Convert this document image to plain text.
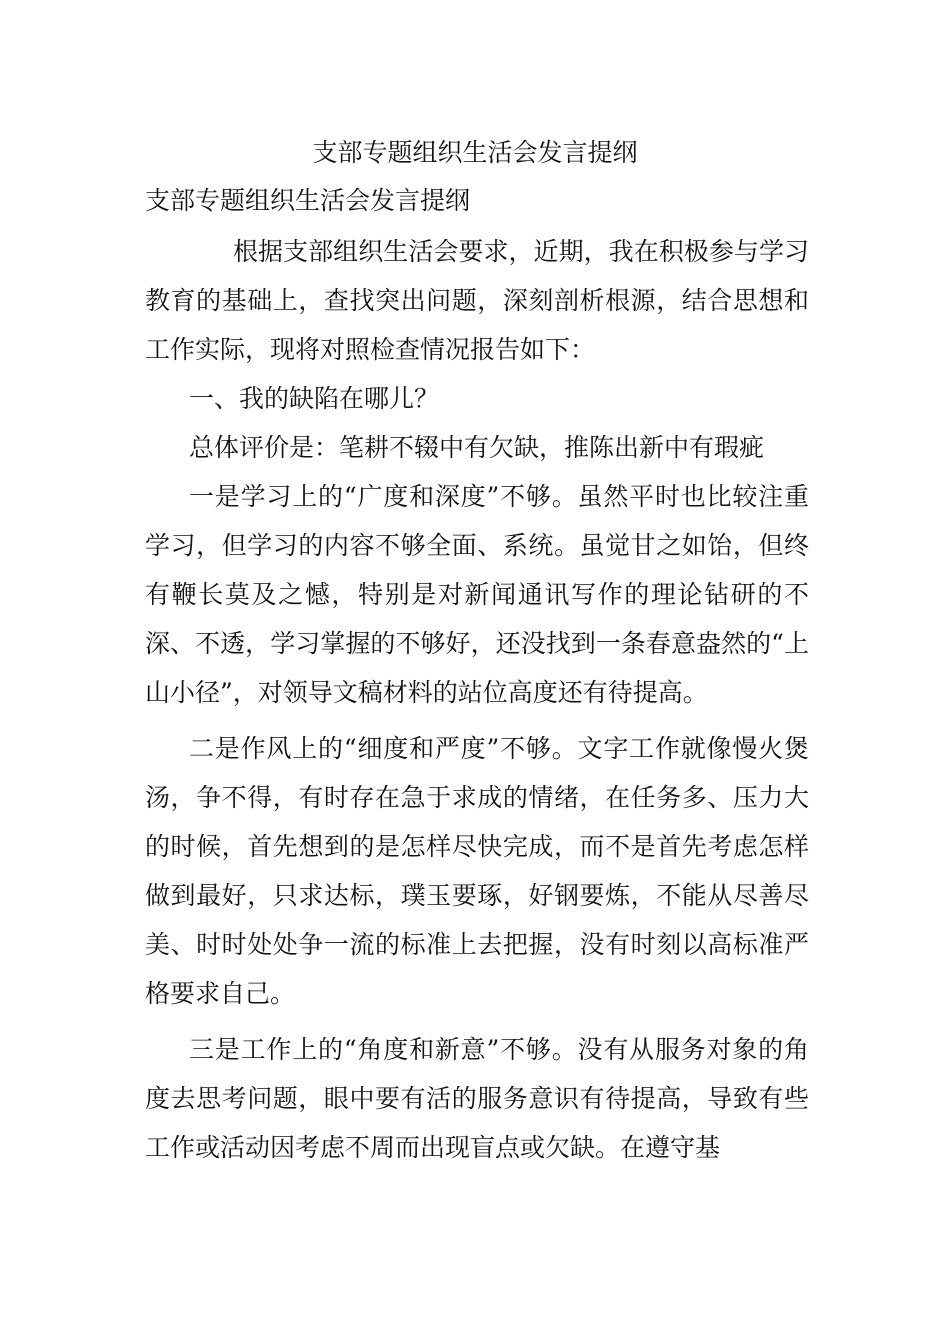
支部专题组织生活会发言提纲
支部专题组织生活会发言提纲

根据支部组织生活会要求，近期，我在积极参与学习教育的基础上，查找突出问题，深刻剖析根源，结合思想和工作实际，现将对照检查情况报告如下：

一、我的缺陷在哪儿？

总体评价是：笔耕不辍中有欠缺，推陈出新中有瑕疵

一是学习上的“广度和深度”不够。虽然平时也比较注重学习，但学习的内容不够全面、系统。虽觉甘之如饴，但终有鞭长莫及之憾，特别是对新闻通讯写作的理论钻研的不深、不透，学习掌握的不够好，还没找到一条春意盎然的“上山小径”，对领导文稿材料的站位高度还有待提高。

二是作风上的“细度和严度”不够。文字工作就像慢火煲汤，争不得，有时存在急于求成的情绪，在任务多、压力大的时候，首先想到的是怎样尽快完成，而不是首先考虑怎样做到最好，只求达标，璞玉要琢，好钢要炼，不能从尽善尽美、时时处处争一流的标准上去把握，没有时刻以高标准严格要求自己。

三是工作上的“角度和新意”不够。没有从服务对象的角度去思考问题，眼中要有活的服务意识有待提高，导致有些工作或活动因考虑不周而出现盲点或欠缺。在遵守基
